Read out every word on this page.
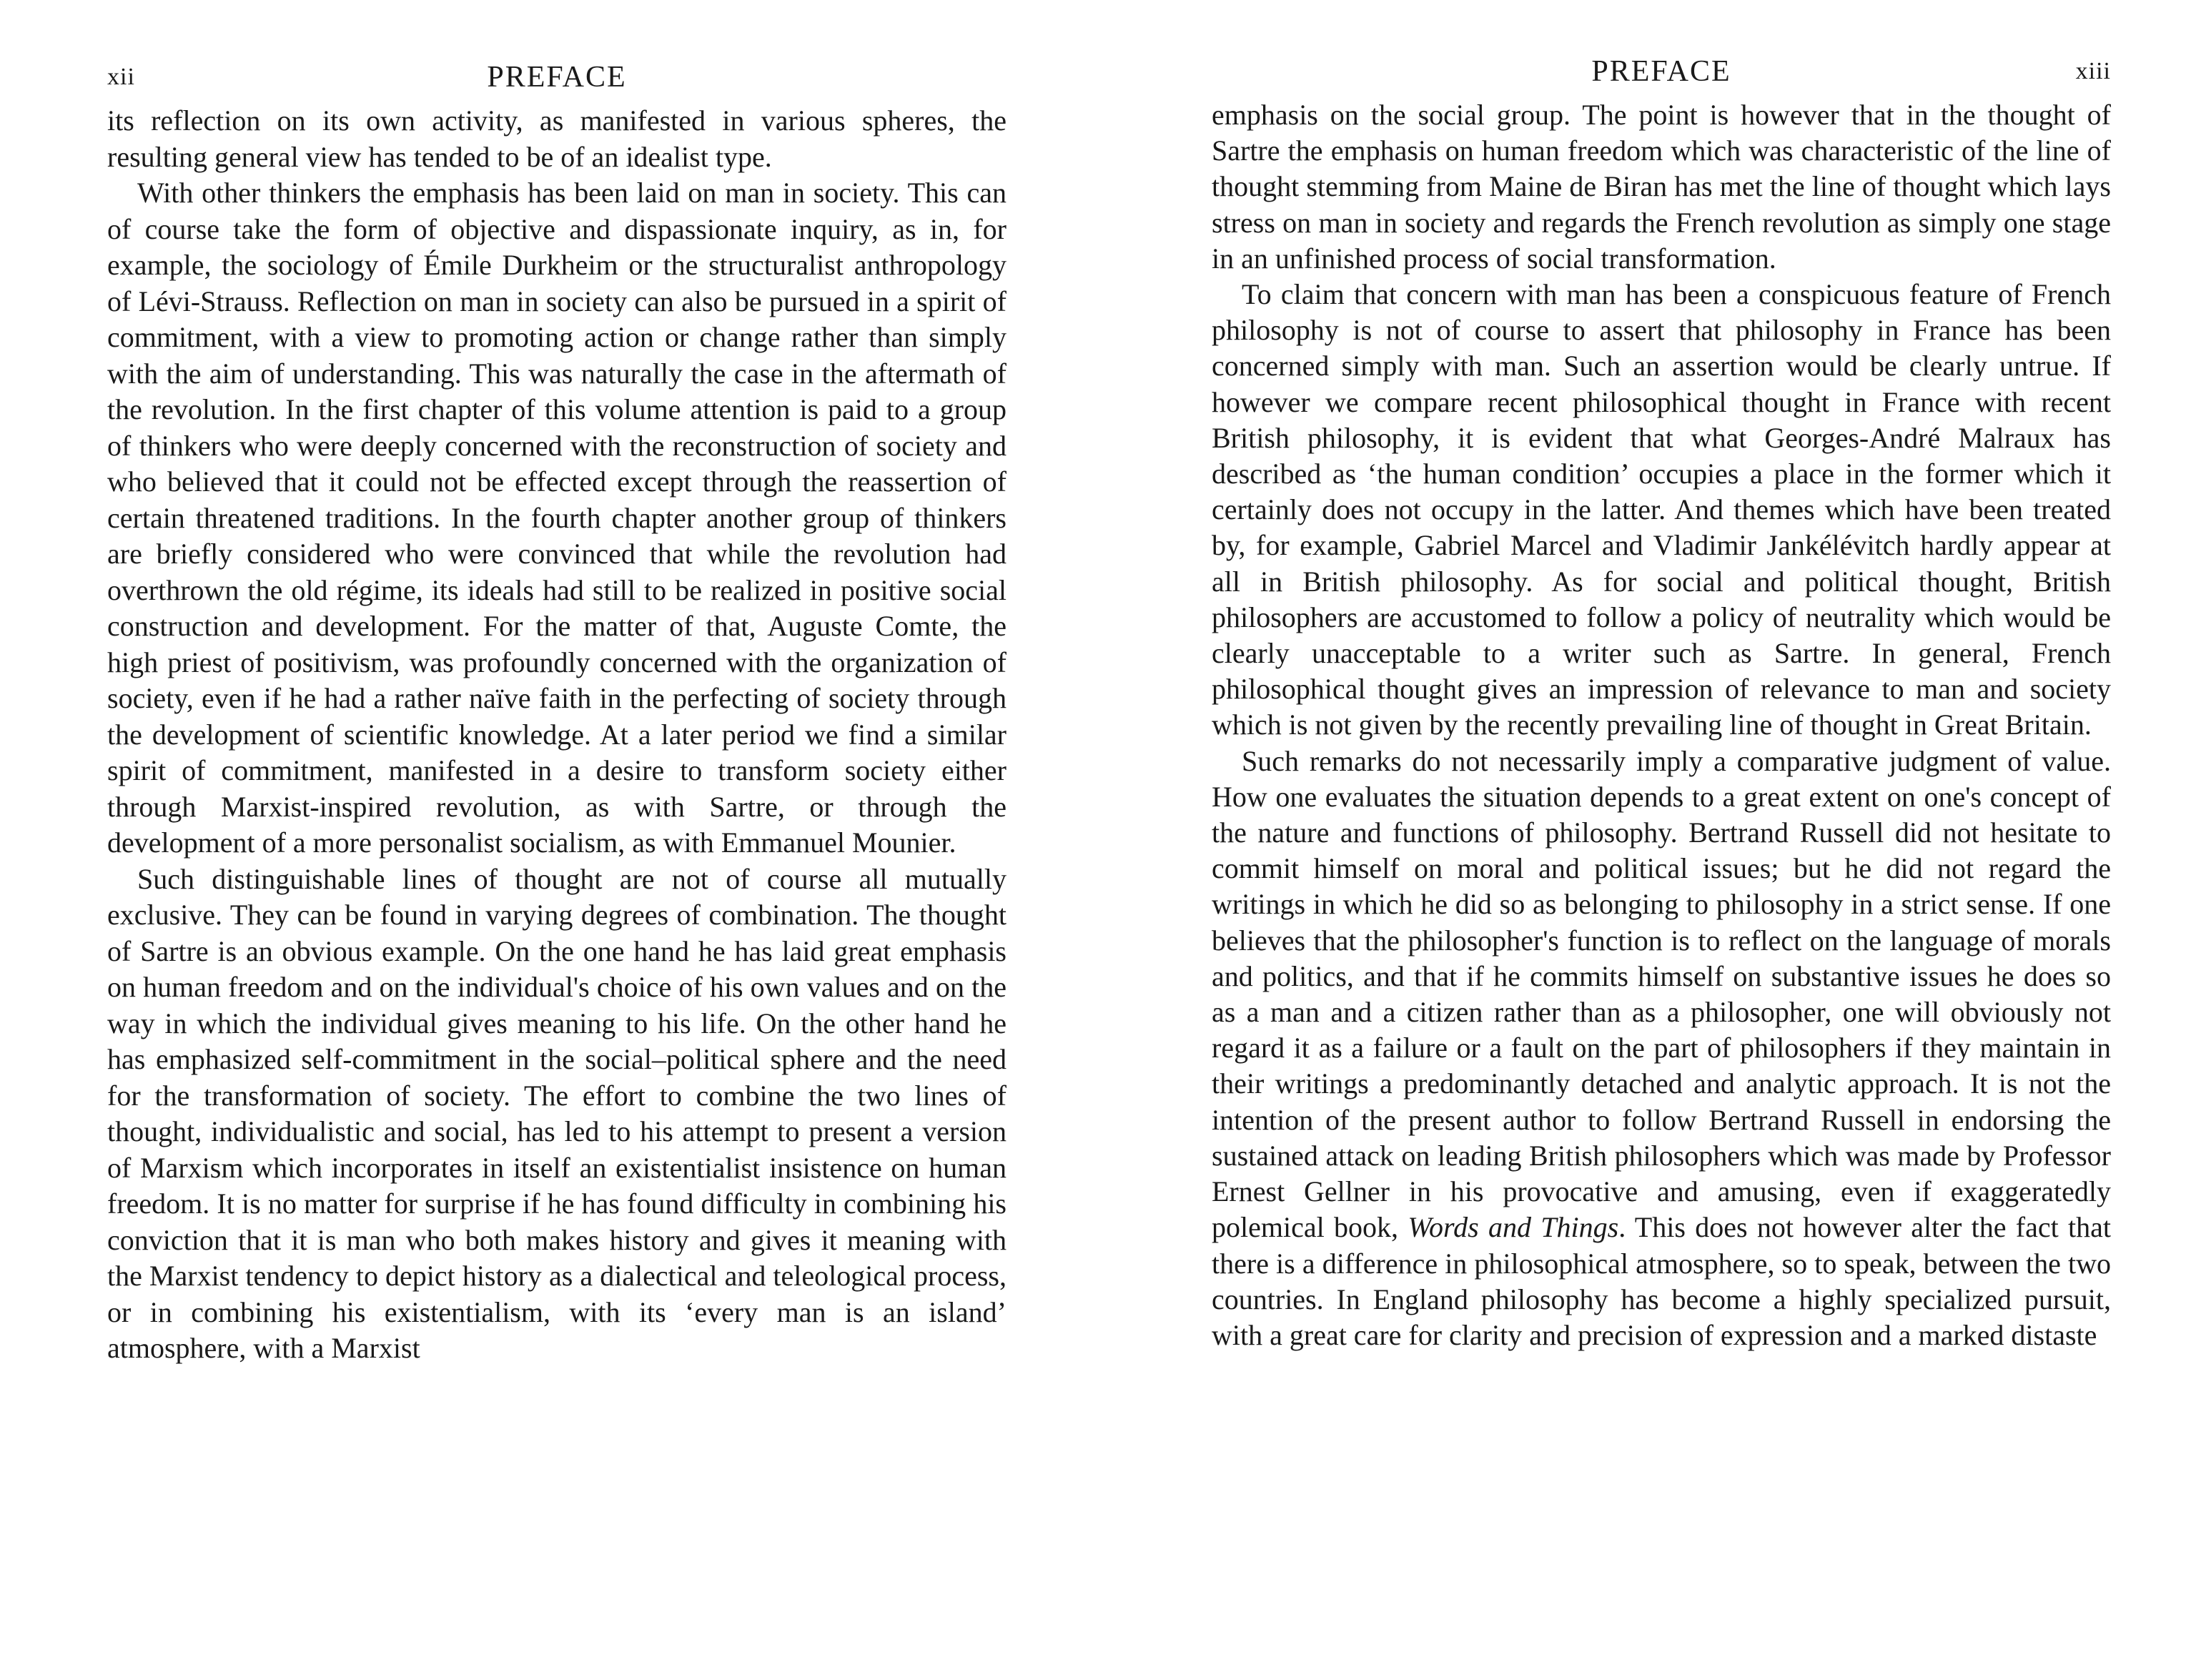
xii	PREFACE

its reflection on its own activity, as manifested in various spheres, the resulting general view has tended to be of an idealist type.

With other thinkers the emphasis has been laid on man in society. This can of course take the form of objective and dispassionate inquiry, as in, for example, the sociology of Émile Durkheim or the structuralist anthropology of Lévi-Strauss. Reflection on man in society can also be pursued in a spirit of commitment, with a view to promoting action or change rather than simply with the aim of understanding. This was naturally the case in the aftermath of the revolution. In the first chapter of this volume attention is paid to a group of thinkers who were deeply concerned with the reconstruction of society and who believed that it could not be effected except through the reassertion of certain threatened traditions. In the fourth chapter another group of thinkers are briefly considered who were convinced that while the revolution had overthrown the old régime, its ideals had still to be realized in positive social construction and development. For the matter of that, Auguste Comte, the high priest of positivism, was profoundly concerned with the organization of society, even if he had a rather naïve faith in the perfecting of society through the development of scientific knowledge. At a later period we find a similar spirit of commitment, manifested in a desire to transform society either through Marxist-inspired revolution, as with Sartre, or through the development of a more personalist socialism, as with Emmanuel Mounier.

Such distinguishable lines of thought are not of course all mutually exclusive. They can be found in varying degrees of combination. The thought of Sartre is an obvious example. On the one hand he has laid great emphasis on human freedom and on the individual's choice of his own values and on the way in which the individual gives meaning to his life. On the other hand he has emphasized self-commitment in the social–political sphere and the need for the transformation of society. The effort to combine the two lines of thought, individualistic and social, has led to his attempt to present a version of Marxism which incorporates in itself an existentialist insistence on human freedom. It is no matter for surprise if he has found difficulty in combining his conviction that it is man who both makes history and gives it meaning with the Marxist tendency to depict history as a dialectical and teleological process, or in combining his existentialism, with its ‘every man is an island’ atmosphere, with a Marxist

PREFACE	xiii

emphasis on the social group. The point is however that in the thought of Sartre the emphasis on human freedom which was characteristic of the line of thought stemming from Maine de Biran has met the line of thought which lays stress on man in society and regards the French revolution as simply one stage in an unfinished process of social transformation.

To claim that concern with man has been a conspicuous feature of French philosophy is not of course to assert that philosophy in France has been concerned simply with man. Such an assertion would be clearly untrue. If however we compare recent philosophical thought in France with recent British philosophy, it is evident that what Georges-André Malraux has described as ‘the human condition’ occupies a place in the former which it certainly does not occupy in the latter. And themes which have been treated by, for example, Gabriel Marcel and Vladimir Jankélévitch hardly appear at all in British philosophy. As for social and political thought, British philosophers are accustomed to follow a policy of neutrality which would be clearly unacceptable to a writer such as Sartre. In general, French philosophical thought gives an impression of relevance to man and society which is not given by the recently prevailing line of thought in Great Britain.

Such remarks do not necessarily imply a comparative judgment of value. How one evaluates the situation depends to a great extent on one's concept of the nature and functions of philosophy. Bertrand Russell did not hesitate to commit himself on moral and political issues; but he did not regard the writings in which he did so as belonging to philosophy in a strict sense. If one believes that the philosopher's function is to reflect on the language of morals and politics, and that if he commits himself on substantive issues he does so as a man and a citizen rather than as a philosopher, one will obviously not regard it as a failure or a fault on the part of philosophers if they maintain in their writings a predominantly detached and analytic approach. It is not the intention of the present author to follow Bertrand Russell in endorsing the sustained attack on leading British philosophers which was made by Professor Ernest Gellner in his provocative and amusing, even if exaggeratedly polemical book, Words and Things. This does not however alter the fact that there is a difference in philosophical atmosphere, so to speak, between the two countries. In England philosophy has become a highly specialized pursuit, with a great care for clarity and precision of expression and a marked distaste
